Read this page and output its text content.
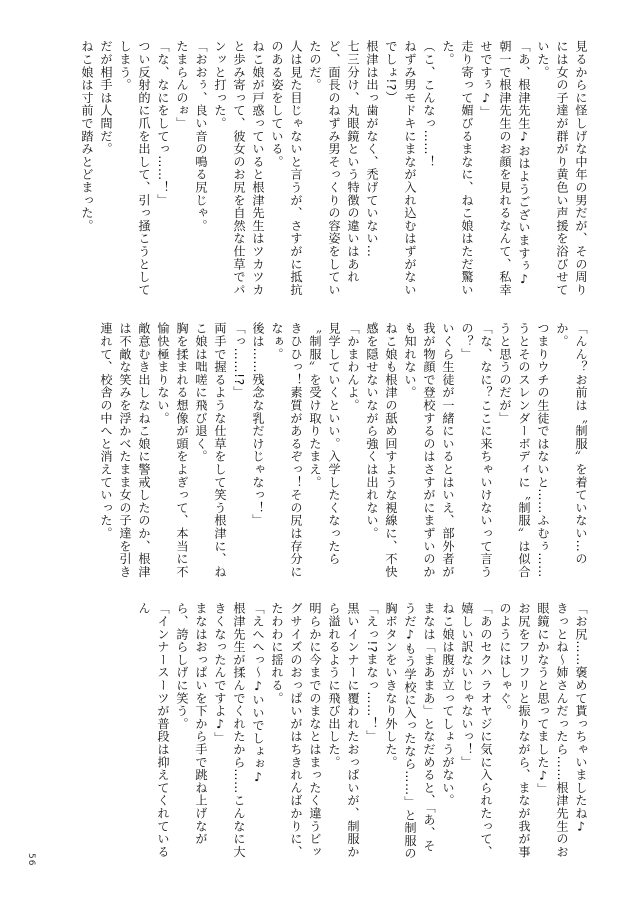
見るからに怪しげな中年の男だが、その周りには女の子達が群がり黄色い声援を浴びせていた。
「あ、根津先生♪おはようございますぅ♪
朝一で根津先生のお顔を見れるなんて、私幸せですぅ♪」
走り寄って媚びるまなに、ねこ娘はただ驚いた。
（こ、こんなっ……！
ねずみ男モドキにまなが入れ込むはずがないでしょ!?）
根津は出っ歯がなく、禿げていない…
七三分け、丸眼鏡という特徴の違いはあれど、面長のねずみ男そっくりの容姿をしていたのだ。
人は見た目じゃないと言うが、さすがに抵抗のある姿をしている。
ねこ娘が戸惑っていると根津先生はツカツカと歩み寄って、彼女のお尻を自然な仕草でパンッと打った。
「おおぅ、良い音の鳴る尻じゃ。
たまらんのぉ」
「な、なにをしてっ……！」
つい反射的に爪を出して、引っ掻こうとしてしまう。
だが相手は人間だ。
ねこ娘は寸前で踏みとどまった。
「んん？お前は〝制服〟を着ていない…のか。
つまりウチの生徒ではないと……ふむぅ……
うとそのスレンダーボディに〝制服〟は似合うと思うのだが」
「な、なに？ここに来ちゃいけないって言うの？」
いくら生徒が一緒にいるとはいえ、部外者が我が物顔で登校するのはさすがにまずいのかも知れない。
ねこ娘も根津の舐め回すような視線に、不快感を隠せないながら強くは出れない。
「かまわんよ。
見学していくといい。入学したくなったら〝制服〟を受け取りたまえ。
きひひっ！素質があるぞっ！その尻は存分になぁ。
後は……残念な乳だけじゃなっ！」
「っ……!?」
両手で握るような仕草をして笑う根津に、ねこ娘は咄嗟に飛び退く。
胸を揉まれる想像が頭をよぎって、本当に不愉快極まりない。
敵意むき出しなねこ娘に警戒したのか、根津は不敵な笑みを浮かべたまま女の子達を引き連れて、校舎の中へと消えていった。
「お尻……褒めて貰っちゃいましたね♪
きっとね〜姉さんだったら……根津先生のお眼鏡にかなうと思ってました♪」
お尻をフリフリと振りながら、まなが我が事のようにはしゃぐ。
「あのセクハラオヤジに気に入られたって、嬉しい訳ないじゃないっ！」
ねこ娘は腹が立ってしょうがない。
まなは「まあまあ」となだめると、「あ、そうだ♪もう学校に入ったなら……」と制服の胸ボタンをいきなり外した。
「えっ!?まなっ……！」
黒いインナーに覆われたおっぱいが、制服から溢れるように飛び出した。
明らかに今までのまなとはまったく違うビッグサイズのおっぱいがはちきれんばかりに、たわわに揺れる。
「えへへっ〜♪いいでしょぉ♪
根津先生が揉んでくれたから……こんなに大きくなったんですよ♪」
まなはおっぱいを下から手で跳ね上げながら、誇らしげに笑う。
「インナースーツが普段は抑えてくれているん
56
